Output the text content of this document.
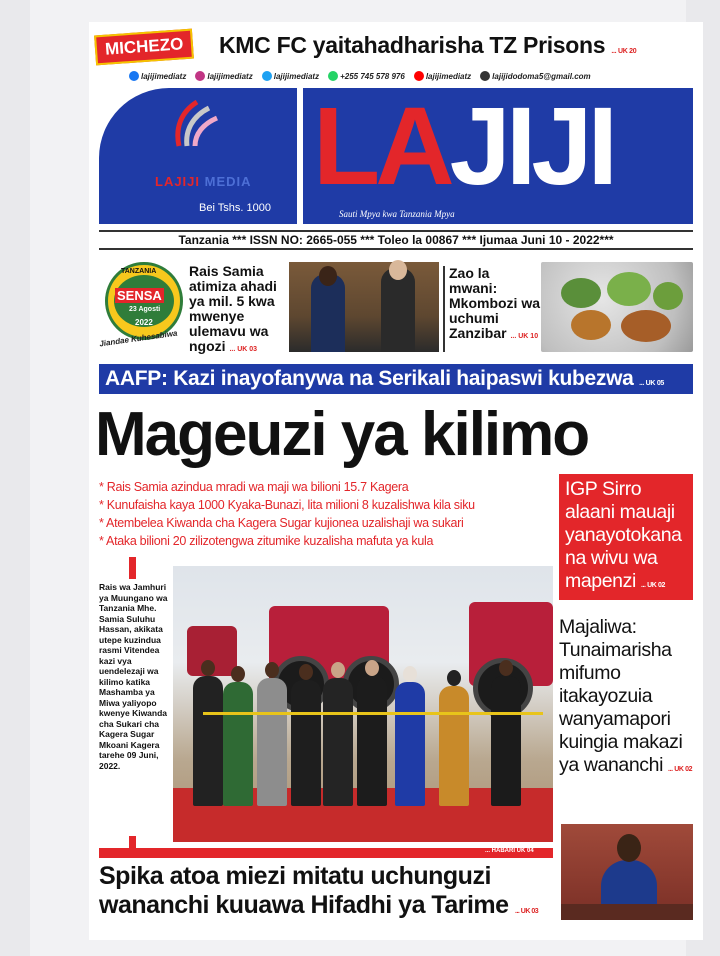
MICHEZO	KMC FC yaitahadharisha TZ Prisons ... UK 20
lajijimediatz	lajijimediatz	lajijimediatz	+255 745 578 976	lajijimediatz	lajijidodoma5@gmail.com
LAJIJI MEDIA
Bei Tshs. 1000 LAJIJI
Sauti Mpya kwa Tanzania Mpya
Tanzania *** ISSN NO: 2665-055 *** Toleo la 00867 *** Ijumaa Juni 10 - 2022***
TANZANIA
SENSA
23 Agosti
2022
Jiandae Kuhesabiwa
Rais Samia atimiza ahadi ya mil. 5 kwa mwenye ulemavu wa ngozi ... UK 03
Zao la mwani: Mkombozi wa uchumi Zanzibar ... UK 10
AAFP: Kazi inayofanywa na Serikali haipaswi kubezwa ... UK 05
Mageuzi ya kilimo
* Rais Samia azindua mradi wa maji wa bilioni 15.7 Kagera
* Kunufaisha kaya 1000 Kyaka-Bunazi, lita milioni 8 kuzalishwa kila siku
* Atembelea Kiwanda cha Kagera Sugar kujionea uzalishaji wa sukari
* Ataka bilioni 20 zilizotengwa zitumike kuzalisha mafuta ya kula
Rais wa Jamhuri ya Muungano wa Tanzania Mhe. Samia Suluhu Hassan, akikata utepe kuzindua rasmi Vitendea kazi vya uendelezaji wa kilimo katika Mashamba ya Miwa yaliyopo kwenye Kiwanda cha Sukari cha Kagera Sugar Mkoani Kagera tarehe 09 Juni, 2022.
... HABARI UK 04
Spika atoa miezi mitatu uchunguzi wananchi kuuawa Hifadhi ya Tarime ... UK 03
IGP Sirro alaani mauaji yanayotokana na wivu wa mapenzi ... UK 02
Majaliwa: Tunaimarisha mifumo itakayozuia wanyamapori kuingia makazi ya wananchi ... UK 02
